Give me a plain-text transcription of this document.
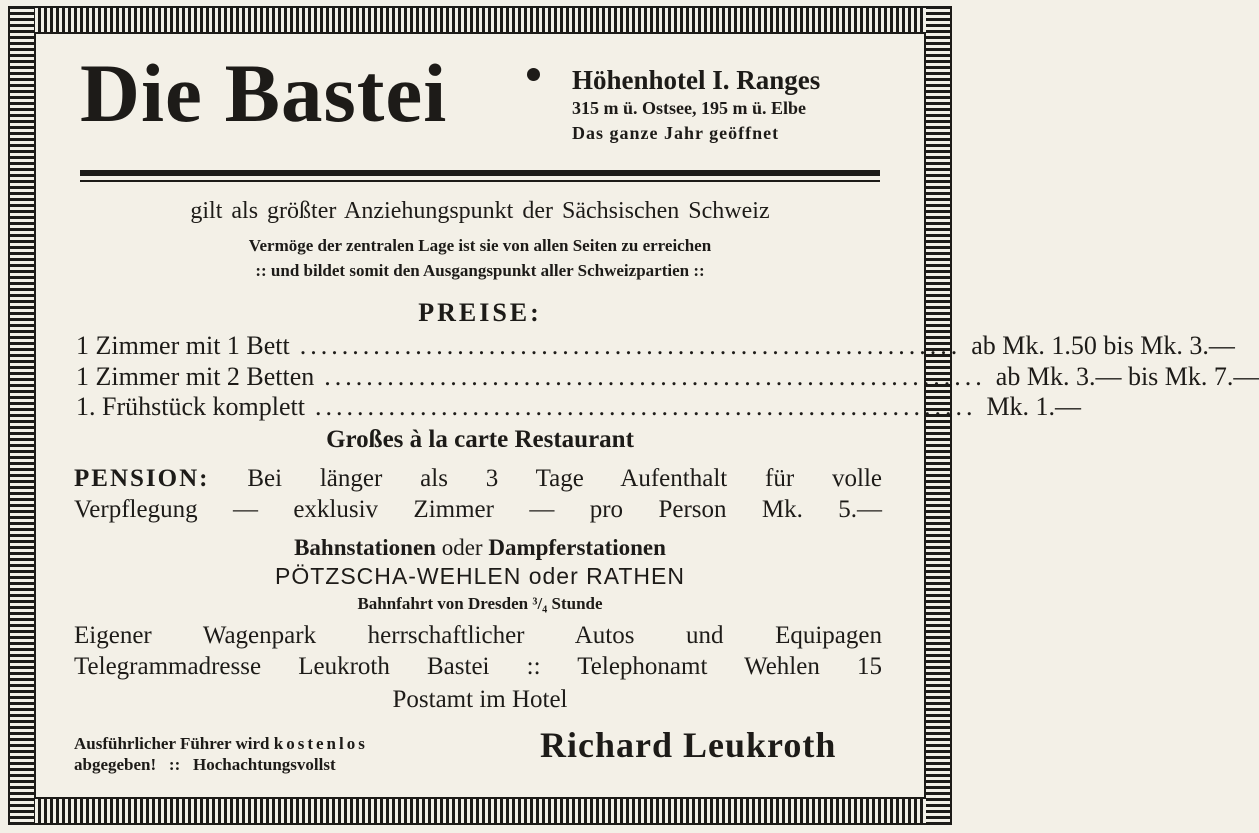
Die Bastei	Höhenhotel I. Ranges
315 m ü. Ostsee, 195 m ü. Elbe
Das ganze Jahr geöffnet
gilt als größter Anziehungspunkt der Sächsischen Schweiz
Vermöge der zentralen Lage ist sie von allen Seiten zu erreichen
:: und bildet somit den Ausgangspunkt aller Schweizpartien ::
PREISE:
1 Zimmer mit 1 Bett ............................................................... ab Mk. 1.50 bis Mk. 3.—
1 Zimmer mit 2 Betten ............................................................... ab Mk. 3.— bis Mk. 7.—
1. Frühstück komplett ............................................................... Mk. 1.—
Großes à la carte Restaurant
PENSION: Bei länger als 3 Tage Aufenthalt für volle
Verpflegung — exklusiv Zimmer — pro Person Mk. 5.—
Bahnstationen oder Dampferstationen
PÖTZSCHA-WEHLEN oder RATHEN
Bahnfahrt von Dresden ³/₄ Stunde
Eigener Wagenpark herrschaftlicher Autos und Equipagen
Telegrammadresse Leukroth Bastei :: Telephonamt Wehlen 15
Postamt im Hotel
Ausführlicher Führer wird kostenlos
abgegeben!   ::   Hochachtungsvollst	Richard Leukroth
